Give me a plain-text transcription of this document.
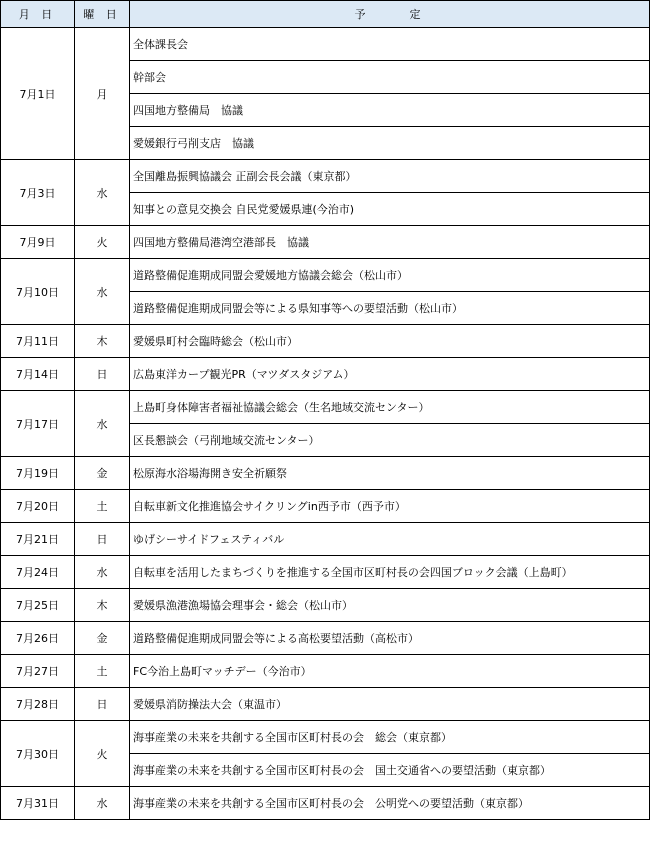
月 日	曜 日	予 定
7月1日	月	全体課長会
		幹部会
		四国地方整備局　協議
		愛媛銀行弓削支店　協議
7月3日	水	全国離島振興協議会 正副会長会議（東京都）
		知事との意見交換会 自民党愛媛県連(今治市)
7月9日	火	四国地方整備局港湾空港部長　協議
7月10日	水	道路整備促進期成同盟会愛媛地方協議会総会（松山市）
		道路整備促進期成同盟会等による県知事等への要望活動（松山市）
7月11日	木	愛媛県町村会臨時総会（松山市）
7月14日	日	広島東洋カープ観光PR（マツダスタジアム）
7月17日	水	上島町身体障害者福祉協議会総会（生名地域交流センター）
		区長懇談会（弓削地域交流センター）
7月19日	金	松原海水浴場海開き安全祈願祭
7月20日	土	自転車新文化推進協会サイクリングin西予市（西予市）
7月21日	日	ゆげシーサイドフェスティバル
7月24日	水	自転車を活用したまちづくりを推進する全国市区町村長の会四国ブロック会議（上島町）
7月25日	木	愛媛県漁港漁場協会理事会・総会（松山市）
7月26日	金	道路整備促進期成同盟会等による高松要望活動（高松市）
7月27日	土	FC今治上島町マッチデー（今治市）
7月28日	日	愛媛県消防操法大会（東温市）
7月30日	火	海事産業の未来を共創する全国市区町村長の会　総会（東京都）
		海事産業の未来を共創する全国市区町村長の会　国土交通省への要望活動（東京都）
7月31日	水	海事産業の未来を共創する全国市区町村長の会　公明党への要望活動（東京都）
